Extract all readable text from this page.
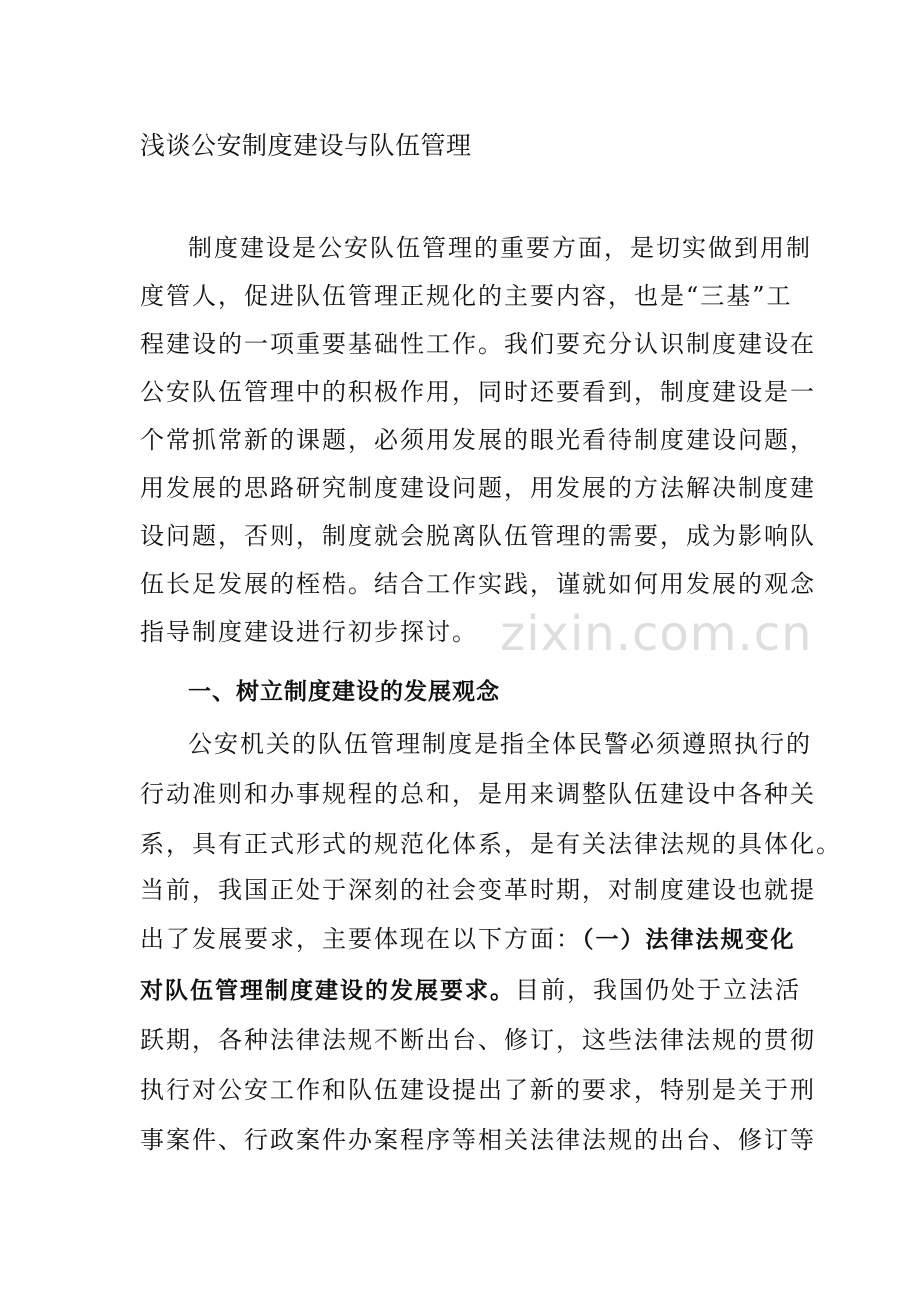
浅谈公安制度建设与队伍管理
zixin.com.cn
制度建设是公安队伍管理的重要方面，是切实做到用制
度管人，促进队伍管理正规化的主要内容，也是“三基”工
程建设的一项重要基础性工作。我们要充分认识制度建设在
公安队伍管理中的积极作用，同时还要看到，制度建设是一
个常抓常新的课题，必须用发展的眼光看待制度建设问题，
用发展的思路研究制度建设问题，用发展的方法解决制度建
设问题，否则，制度就会脱离队伍管理的需要，成为影响队
伍长足发展的桎梏。结合工作实践，谨就如何用发展的观念
指导制度建设进行初步探讨。
一、树立制度建设的发展观念
公安机关的队伍管理制度是指全体民警必须遵照执行的
行动准则和办事规程的总和，是用来调整队伍建设中各种关
系，具有正式形式的规范化体系，是有关法律法规的具体化。
当前，我国正处于深刻的社会变革时期，对制度建设也就提
出了发展要求，主要体现在以下方面：（一）法律法规变化
对队伍管理制度建设的发展要求。目前，我国仍处于立法活
跃期，各种法律法规不断出台、修订，这些法律法规的贯彻
执行对公安工作和队伍建设提出了新的要求，特别是关于刑
事案件、行政案件办案程序等相关法律法规的出台、修订等
